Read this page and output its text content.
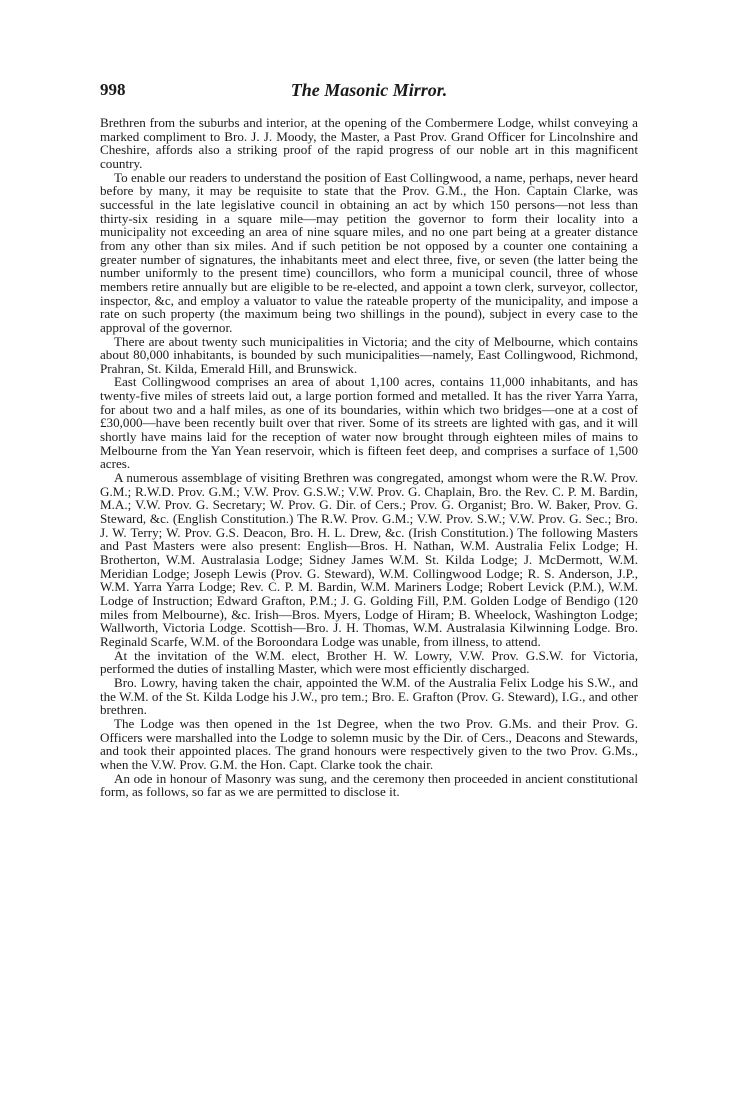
998	The Masonic Mirror.

Brethren from the suburbs and interior, at the opening of the Combermere Lodge, whilst conveying a marked compliment to Bro. J. J. Moody, the Master, a Past Prov. Grand Officer for Lincolnshire and Cheshire, affords also a striking proof of the rapid progress of our noble art in this magnificent country.

To enable our readers to understand the position of East Collingwood, a name, perhaps, never heard before by many, it may be requisite to state that the Prov. G.M., the Hon. Captain Clarke, was successful in the late legislative council in obtaining an act by which 150 persons—not less than thirty-six residing in a square mile—may petition the governor to form their locality into a municipality not exceeding an area of nine square miles, and no one part being at a greater distance from any other than six miles. And if such petition be not opposed by a counter one containing a greater number of signatures, the inhabitants meet and elect three, five, or seven (the latter being the number uniformly to the present time) councillors, who form a municipal council, three of whose members retire annually but are eligible to be re-elected, and appoint a town clerk, surveyor, collector, inspector, &c, and employ a valuator to value the rateable property of the municipality, and impose a rate on such property (the maximum being two shillings in the pound), subject in every case to the approval of the governor.

There are about twenty such municipalities in Victoria; and the city of Melbourne, which contains about 80,000 inhabitants, is bounded by such municipalities—namely, East Collingwood, Richmond, Prahran, St. Kilda, Emerald Hill, and Brunswick.

East Collingwood comprises an area of about 1,100 acres, contains 11,000 inhabitants, and has twenty-five miles of streets laid out, a large portion formed and metalled. It has the river Yarra Yarra, for about two and a half miles, as one of its boundaries, within which two bridges—one at a cost of £30,000—have been recently built over that river. Some of its streets are lighted with gas, and it will shortly have mains laid for the reception of water now brought through eighteen miles of mains to Melbourne from the Yan Yean reservoir, which is fifteen feet deep, and comprises a surface of 1,500 acres.

A numerous assemblage of visiting Brethren was congregated, amongst whom were the R.W. Prov. G.M.; R.W.D. Prov. G.M.; V.W. Prov. G.S.W.; V.W. Prov. G. Chaplain, Bro. the Rev. C. P. M. Bardin, M.A.; V.W. Prov. G. Secretary; W. Prov. G. Dir. of Cers.; Prov. G. Organist; Bro. W. Baker, Prov. G. Steward, &c. (English Constitution.) The R.W. Prov. G.M.; V.W. Prov. S.W.; V.W. Prov. G. Sec.; Bro. J. W. Terry; W. Prov. G.S. Deacon, Bro. H. L. Drew, &c. (Irish Constitution.) The following Masters and Past Masters were also present: English—Bros. H. Nathan, W.M. Australia Felix Lodge; H. Brotherton, W.M. Australasia Lodge; Sidney James W.M. St. Kilda Lodge; J. McDermott, W.M. Meridian Lodge; Joseph Lewis (Prov. G. Steward), W.M. Collingwood Lodge; R. S. Anderson, J.P., W.M. Yarra Yarra Lodge; Rev. C. P. M. Bardin, W.M. Mariners Lodge; Robert Levick (P.M.), W.M. Lodge of Instruction; Edward Grafton, P.M.; J. G. Golding Fill, P.M. Golden Lodge of Bendigo (120 miles from Melbourne), &c. Irish—Bros. Myers, Lodge of Hiram; B. Wheelock, Washington Lodge; Wallworth, Victoria Lodge. Scottish—Bro. J. H. Thomas, W.M. Australasia Kilwinning Lodge. Bro. Reginald Scarfe, W.M. of the Boroondara Lodge was unable, from illness, to attend.

At the invitation of the W.M. elect, Brother H. W. Lowry, V.W. Prov. G.S.W. for Victoria, performed the duties of installing Master, which were most efficiently discharged.

Bro. Lowry, having taken the chair, appointed the W.M. of the Australia Felix Lodge his S.W., and the W.M. of the St. Kilda Lodge his J.W., pro tem.; Bro. E. Grafton (Prov. G. Steward), I.G., and other brethren.

The Lodge was then opened in the 1st Degree, when the two Prov. G.Ms. and their Prov. G. Officers were marshalled into the Lodge to solemn music by the Dir. of Cers., Deacons and Stewards, and took their appointed places. The grand honours were respectively given to the two Prov. G.Ms., when the V.W. Prov. G.M. the Hon. Capt. Clarke took the chair.

An ode in honour of Masonry was sung, and the ceremony then proceeded in ancient constitutional form, as follows, so far as we are permitted to disclose it.
